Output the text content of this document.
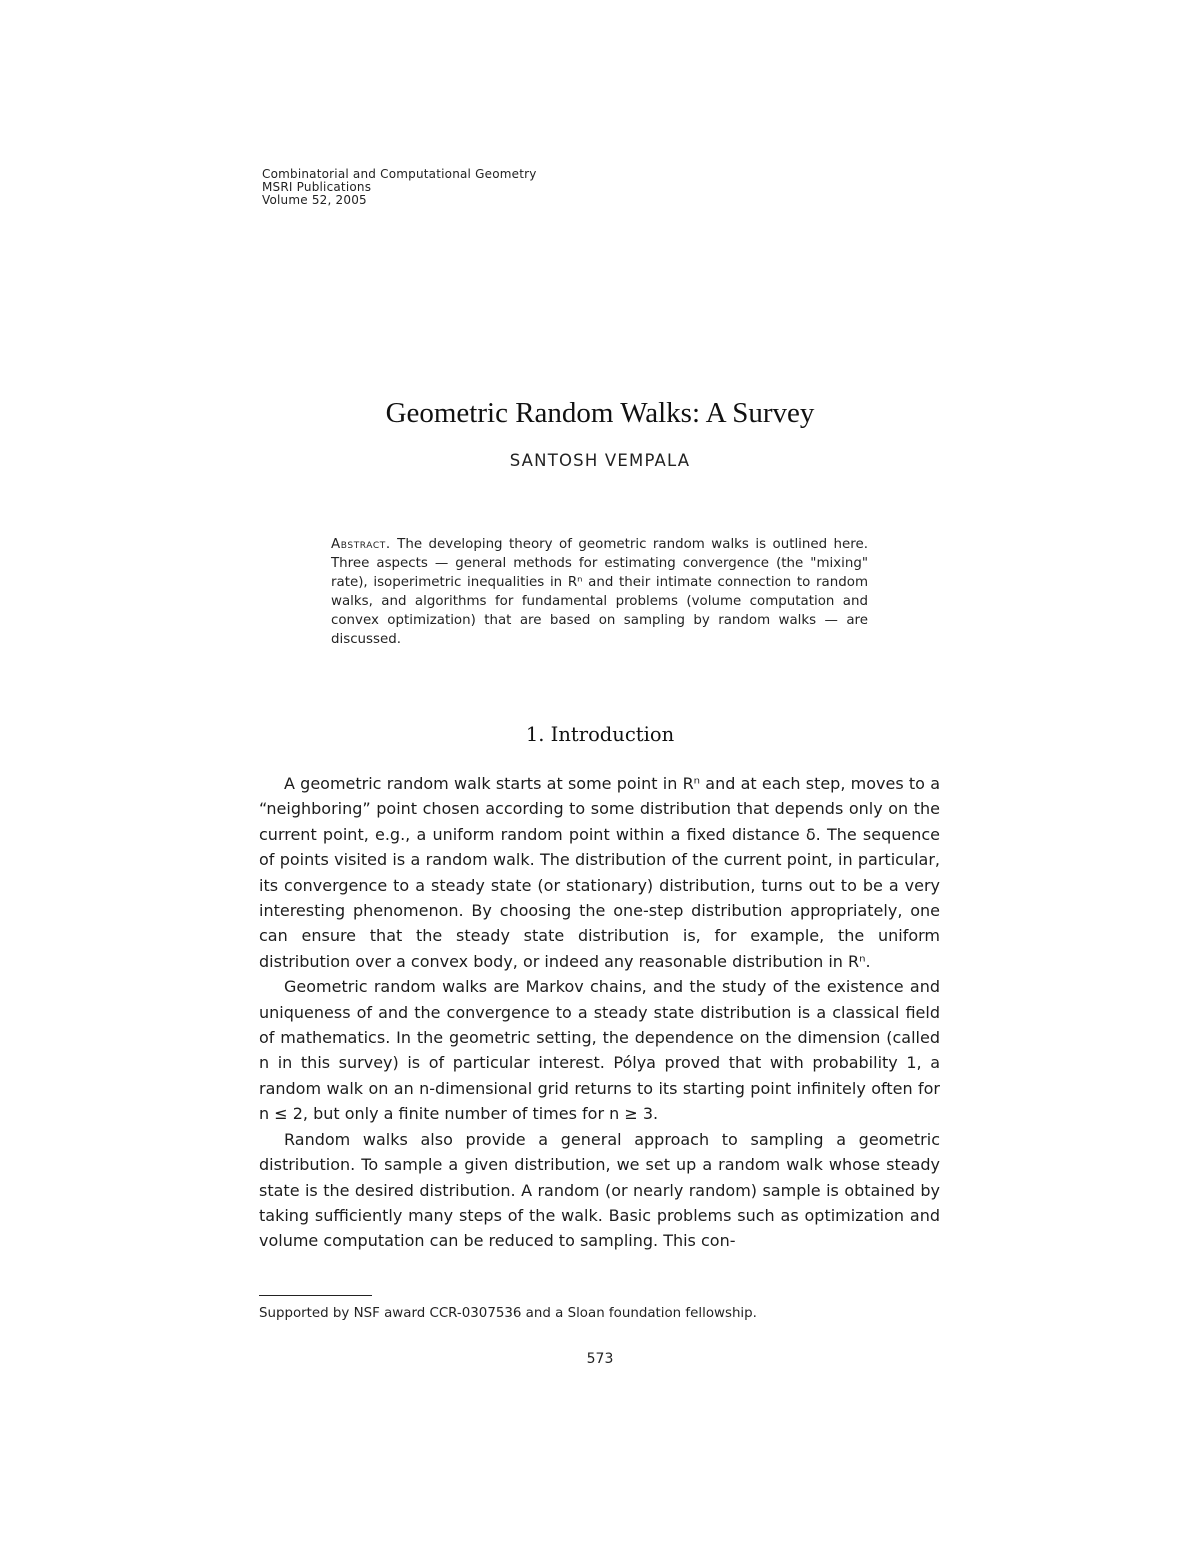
Combinatorial and Computational Geometry
MSRI Publications
Volume 52, 2005
Geometric Random Walks: A Survey
SANTOSH VEMPALA
Abstract. The developing theory of geometric random walks is outlined here. Three aspects — general methods for estimating convergence (the "mixing" rate), isoperimetric inequalities in Rⁿ and their intimate connection to random walks, and algorithms for fundamental problems (volume computation and convex optimization) that are based on sampling by random walks — are discussed.
1. Introduction

A geometric random walk starts at some point in Rⁿ and at each step, moves to a “neighboring” point chosen according to some distribution that depends only on the current point, e.g., a uniform random point within a fixed distance δ. The sequence of points visited is a random walk. The distribution of the current point, in particular, its convergence to a steady state (or stationary) distribution, turns out to be a very interesting phenomenon. By choosing the one-step distribution appropriately, one can ensure that the steady state distribution is, for example, the uniform distribution over a convex body, or indeed any reasonable distribution in Rⁿ.

Geometric random walks are Markov chains, and the study of the existence and uniqueness of and the convergence to a steady state distribution is a classical field of mathematics. In the geometric setting, the dependence on the dimension (called n in this survey) is of particular interest. Pólya proved that with probability 1, a random walk on an n-dimensional grid returns to its starting point infinitely often for n ≤ 2, but only a finite number of times for n ≥ 3.

Random walks also provide a general approach to sampling a geometric distribution. To sample a given distribution, we set up a random walk whose steady state is the desired distribution. A random (or nearly random) sample is obtained by taking sufficiently many steps of the walk. Basic problems such as optimization and volume computation can be reduced to sampling. This con-

Supported by NSF award CCR-0307536 and a Sloan foundation fellowship.
573
